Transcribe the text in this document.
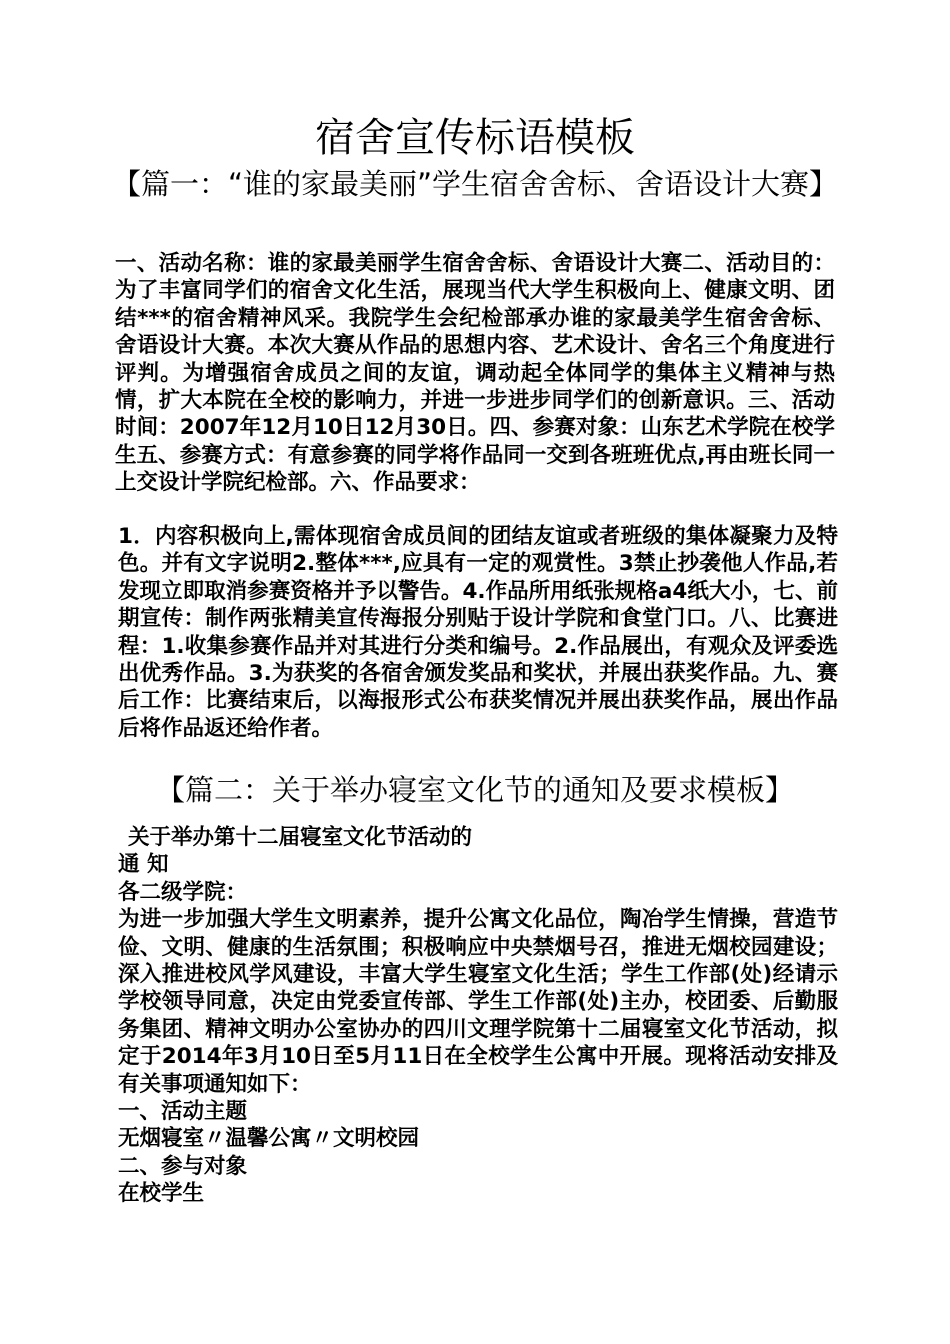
宿舍宣传标语模板
【篇一：“谁的家最美丽”学生宿舍舍标、舍语设计大赛】

一、活动名称：谁的家最美丽学生宿舍舍标、舍语设计大赛二、活动目的：为了丰富同学们的宿舍文化生活，展现当代大学生积极向上、健康文明、团结***的宿舍精神风采。我院学生会纪检部承办谁的家最美学生宿舍舍标、舍语设计大赛。本次大赛从作品的思想内容、艺术设计、舍名三个角度进行评判。为增强宿舍成员之间的友谊，调动起全体同学的集体主义精神与热情，扩大本院在全校的影响力，并进一步进步同学们的创新意识。三、活动时间：2007年12月10日12月30日。四、参赛对象：山东艺术学院在校学生五、参赛方式：有意参赛的同学将作品同一交到各班班优点,再由班长同一上交设计学院纪检部。六、作品要求：

1．内容积极向上,需体现宿舍成员间的团结友谊或者班级的集体凝聚力及特色。并有文字说明2.整体***,应具有一定的观赏性。3禁止抄袭他人作品,若发现立即取消参赛资格并予以警告。4.作品所用纸张规格a4纸大小，七、前期宣传：制作两张精美宣传海报分别贴于设计学院和食堂门口。八、比赛进程：1.收集参赛作品并对其进行分类和编号。2.作品展出，有观众及评委选出优秀作品。3.为获奖的各宿舍颁发奖品和奖状，并展出获奖作品。九、赛后工作：比赛结束后，以海报形式公布获奖情况并展出获奖作品，展出作品后将作品返还给作者。

【篇二：关于举办寝室文化节的通知及要求模板】
关于举办第十二届寝室文化节活动的
通 知
各二级学院：
为进一步加强大学生文明素养，提升公寓文化品位，陶冶学生情操，营造节俭、文明、健康的生活氛围；积极响应中央禁烟号召，推进无烟校园建设；深入推进校风学风建设，丰富大学生寝室文化生活；学生工作部(处)经请示学校领导同意，决定由党委宣传部、学生工作部(处)主办，校团委、后勤服务集团、精神文明办公室协办的四川文理学院第十二届寝室文化节活动，拟定于2014年3月10日至5月11日在全校学生公寓中开展。现将活动安排及有关事项通知如下：
一、活动主题
无烟寝室〃温馨公寓〃文明校园
二、参与对象
在校学生
